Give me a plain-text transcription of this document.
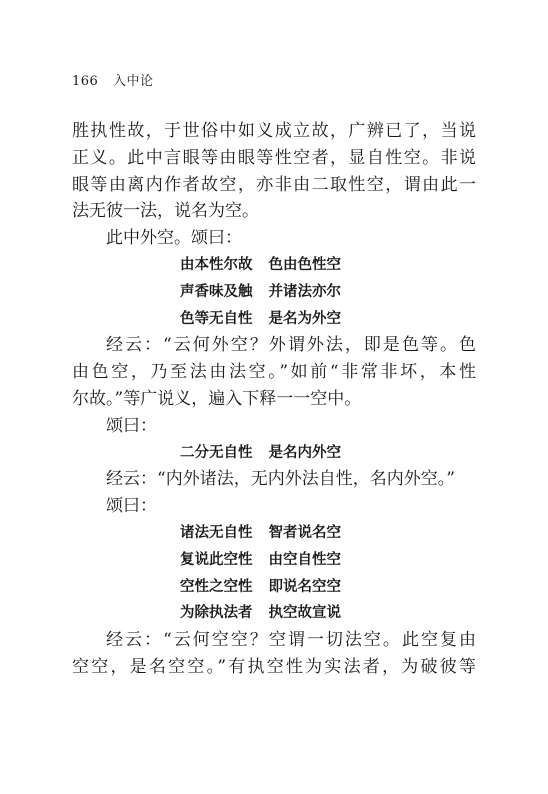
166 入中论
胜执性故，于世俗中如义成立故，广辨已了，当说
正义。此中言眼等由眼等性空者，显自性空。非说
眼等由离内作者故空，亦非由二取性空，谓由此一
法无彼一法，说名为空。
此中外空。颂曰：
由本性尔故 色由色性空
声香味及触 并诸法亦尔
色等无自性 是名为外空
经云：“云何外空？外谓外法，即是色等。色
由色空，乃至法由法空。”如前“非常非坏，本性
尔故。”等广说义，遍入下释一一空中。
颂曰：
二分无自性 是名内外空
经云：“内外诸法，无内外法自性，名内外空。”
颂曰：
诸法无自性 智者说名空
复说此空性 由空自性空
空性之空性 即说名空空
为除执法者 执空故宣说
经云：“云何空空？空谓一切法空。此空复由
空空，是名空空。”有执空性为实法者，为破彼等
